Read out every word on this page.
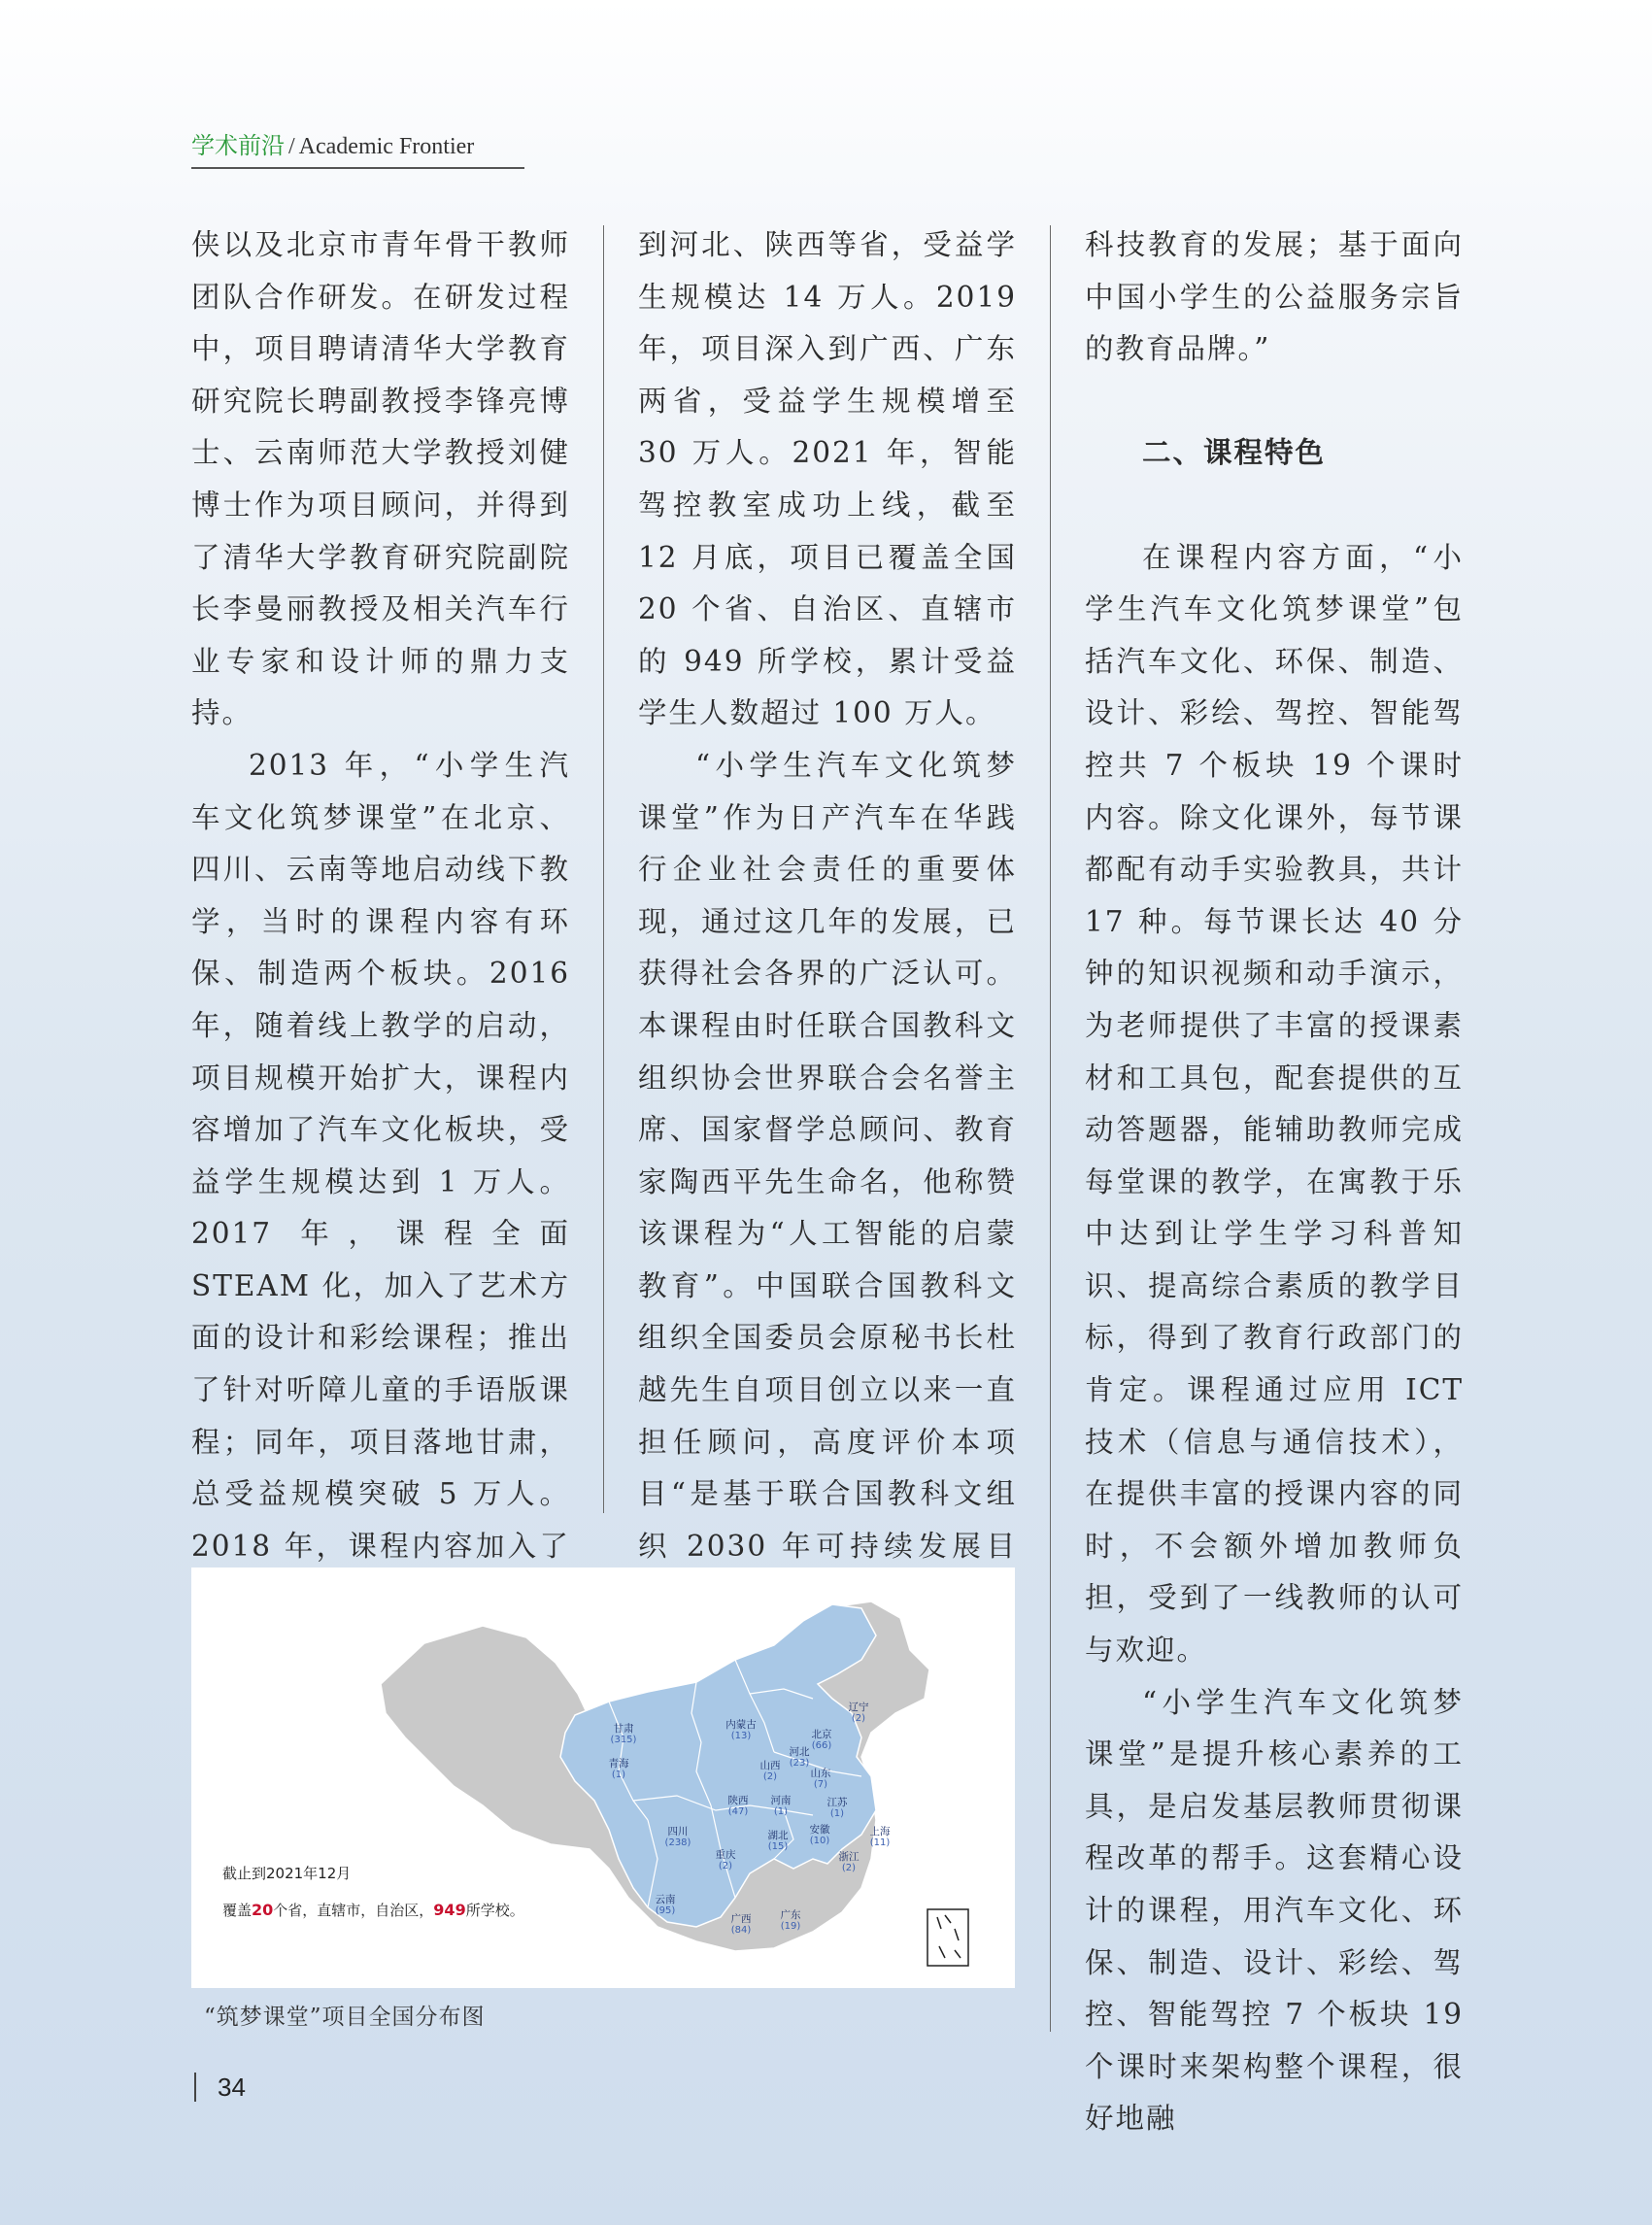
学术前沿 / Academic Frontier

侠以及北京市青年骨干教师团队合作研发。在研发过程中，项目聘请清华大学教育研究院长聘副教授李锋亮博士、云南师范大学教授刘健博士作为项目顾问，并得到了清华大学教育研究院副院长李曼丽教授及相关汽车行业专家和设计师的鼎力支持。

2013 年，“小学生汽车文化筑梦课堂”在北京、四川、云南等地启动线下教学，当时的课程内容有环保、制造两个板块。2016 年，随着线上教学的启动，项目规模开始扩大，课程内容增加了汽车文化板块，受益学生规模达到 1 万人。2017 年，课程全面 STEAM 化，加入了艺术方面的设计和彩绘课程；推出了针对听障儿童的手语版课程；同年，项目落地甘肃，总受益规模突破 5 万人。2018 年，课程内容加入了

到河北、陕西等省，受益学生规模达 14 万人。2019 年，项目深入到广西、广东两省，受益学生规模增至 30 万人。2021 年，智能驾控教室成功上线，截至 12 月底，项目已覆盖全国 20 个省、自治区、直辖市的 949 所学校，累计受益学生人数超过 100 万人。

“小学生汽车文化筑梦课堂”作为日产汽车在华践行企业社会责任的重要体现，通过这几年的发展，已获得社会各界的广泛认可。本课程由时任联合国教科文组织协会世界联合会名誉主席、国家督学总顾问、教育家陶西平先生命名，他称赞该课程为“人工智能的启蒙教育”。中国联合国教科文组织全国委员会原秘书长杜越先生自项目创立以来一直担任顾问，高度评价本项目“是基于联合国教科文组织 2030 年可持续发展目

科技教育的发展；基于面向中国小学生的公益服务宗旨的教育品牌。”

二、课程特色

在课程内容方面，“小学生汽车文化筑梦课堂”包括汽车文化、环保、制造、设计、彩绘、驾控、智能驾控共 7 个板块 19 个课时内容。除文化课外，每节课都配有动手实验教具，共计 17 种。每节课长达 40 分钟的知识视频和动手演示，为老师提供了丰富的授课素材和工具包，配套提供的互动答题器，能辅助教师完成每堂课的教学，在寓教于乐中达到让学生学习科普知识、提高综合素质的教学目标，得到了教育行政部门的肯定。课程通过应用 ICT 技术（信息与通信技术），在提供丰富的授课内容的同时，不会额外增加教师负担，受到了一线教师的认可与欢迎。

“小学生汽车文化筑梦课堂”是提升核心素养的工具，是启发基层教师贯彻课程改革的帮手。这套精心设计的课程，用汽车文化、环保、制造、设计、彩绘、驾控、智能驾控 7 个板块 19 个课时来架构整个课程，很好地融

甘肃
(315)
内蒙古
(13)
辽宁
(2)
北京
(66)
河北
(23)
青海
(1)
山西
(2)	山东
(7)
陕西
(47)
河南
(1)
江苏
(1)
四川
(238)
湖北
(15)
安徽
(10)
上海
(11)
重庆
(2)
浙江
(2)
云南
(95)
广西
(84)
广东
(19)
截止到2021年12月
覆盖20个省，直辖市，自治区，949所学校。
“筑梦课堂”项目全国分布图
34
